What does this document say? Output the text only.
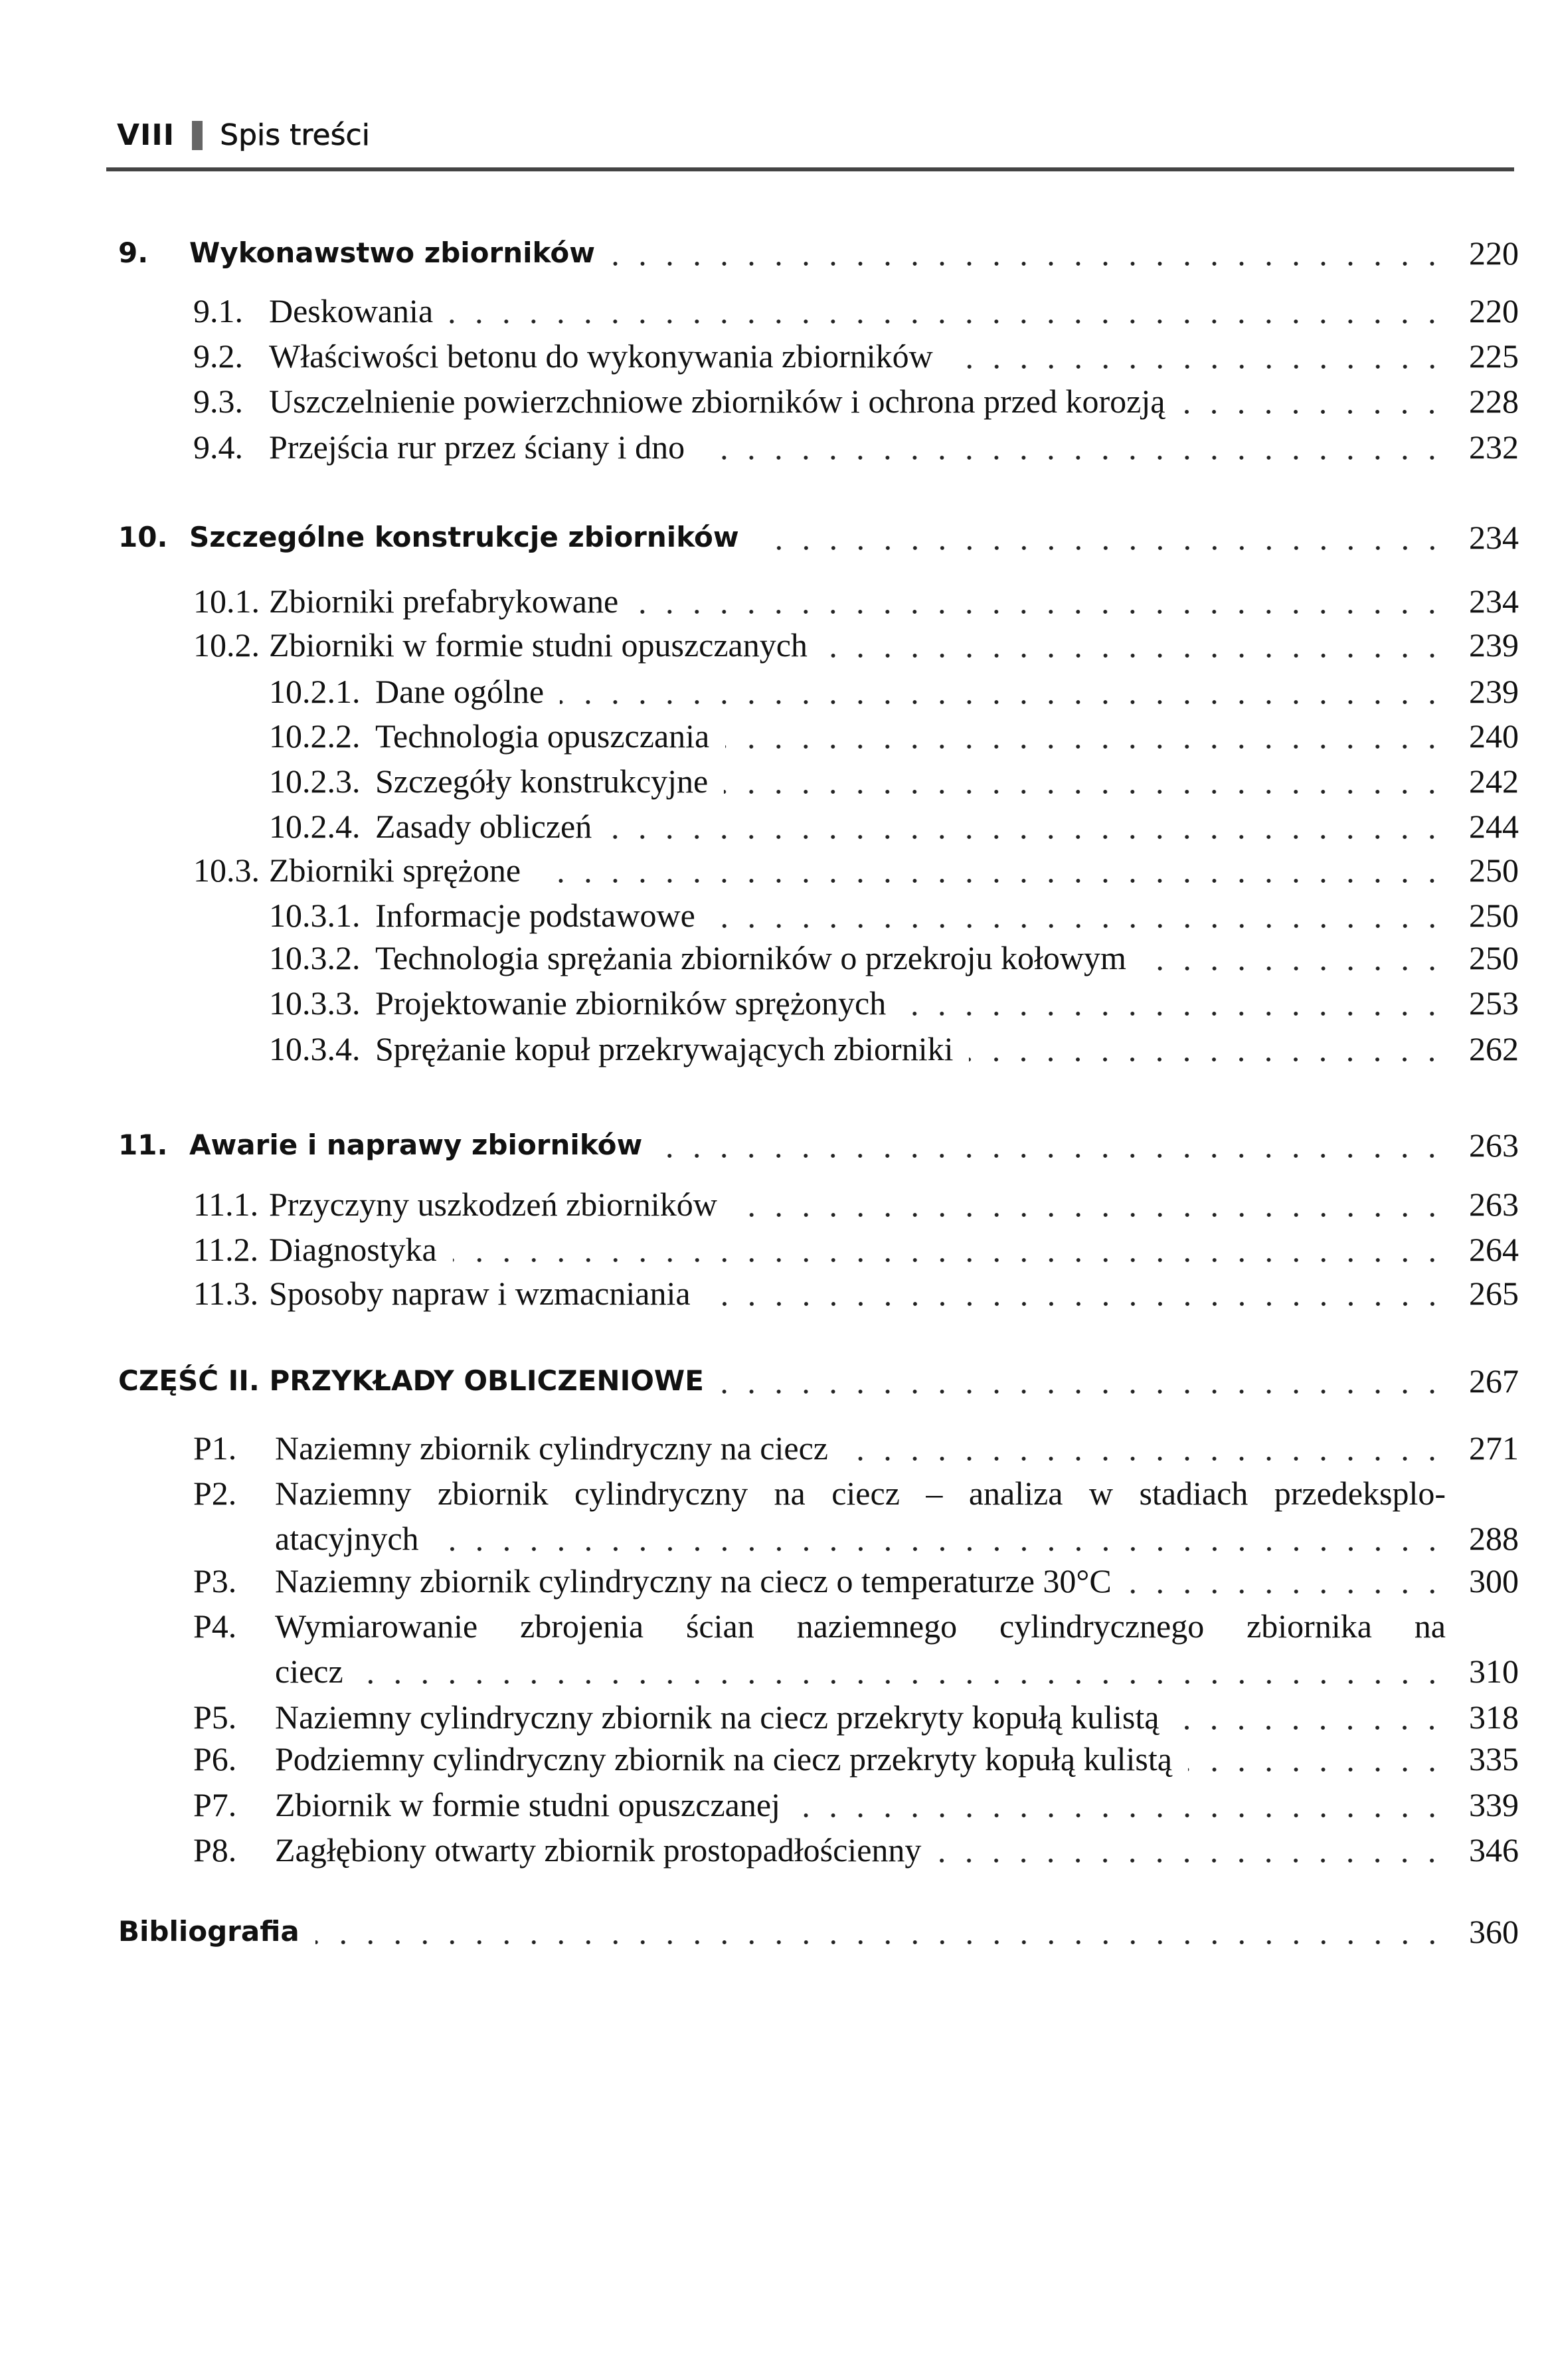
VIII Spis treści
9.	Wykonawstwo zbiorników	220
9.1. Deskowania	220
9.2. Właściwości betonu do wykonywania zbiorników	225
9.3. Uszczelnienie powierzchniowe zbiorników i ochrona przed korozją	228
9.4. Przejścia rur przez ściany i dno	232
10. Szczególne konstrukcje zbiorników	234
10.1. Zbiorniki prefabrykowane	234
10.2. Zbiorniki w formie studni opuszczanych	239
10.2.1. Dane ogólne	239
10.2.2. Technologia opuszczania	240
10.2.3. Szczegóły konstrukcyjne	242
10.2.4. Zasady obliczeń	244
10.3. Zbiorniki sprężone	250
10.3.1. Informacje podstawowe	250
10.3.2. Technologia sprężania zbiorników o przekroju kołowym	250
10.3.3. Projektowanie zbiorników sprężonych	253
10.3.4. Sprężanie kopuł przekrywających zbiorniki	262
11. Awarie i naprawy zbiorników	263
11.1. Przyczyny uszkodzeń zbiorników	263
11.2. Diagnostyka	264
11.3. Sposoby napraw i wzmacniania	265
CZĘŚĆ II. PRZYKŁADY OBLICZENIOWE	267
P1.	Naziemny zbiornik cylindryczny na ciecz	271
P2.	Naziemny zbiornik cylindryczny na ciecz – analiza w stadiach przedeksplo-
atacyjnych	288
P3.	Naziemny zbiornik cylindryczny na ciecz o temperaturze 30°C	300
P4.	Wymiarowanie zbrojenia ścian naziemnego cylindrycznego zbiornika na
ciecz	310
P5.	Naziemny cylindryczny zbiornik na ciecz przekryty kopułą kulistą	318
P6.	Podziemny cylindryczny zbiornik na ciecz przekryty kopułą kulistą	335
P7.	Zbiornik w formie studni opuszczanej	339
P8.	Zagłębiony otwarty zbiornik prostopadłościenny	346
Bibliografia	360
